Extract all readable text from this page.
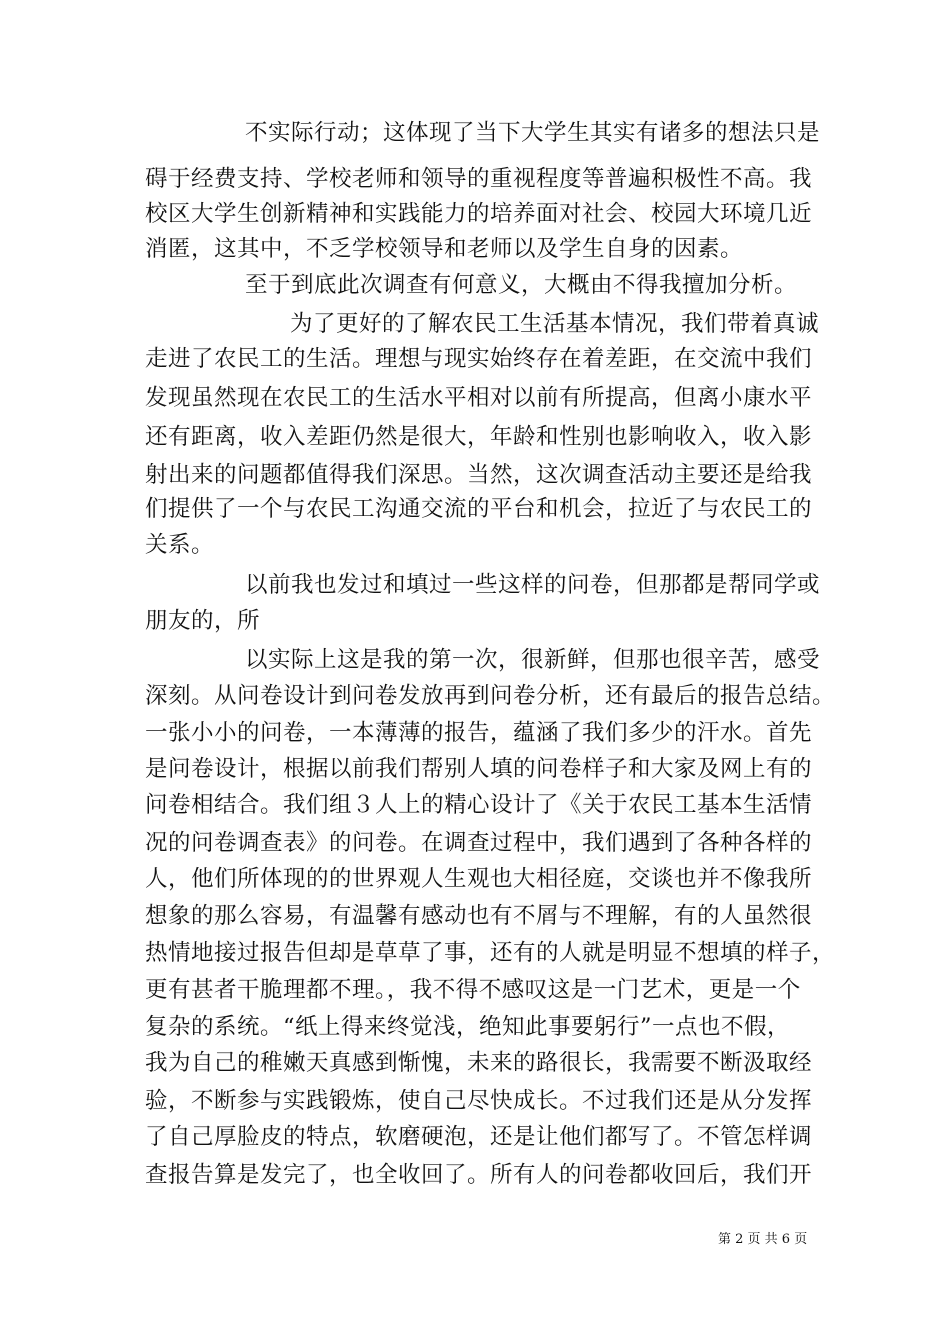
不实际行动；这体现了当下大学生其实有诸多的想法只是
碍于经费支持、学校老师和领导的重视程度等普遍积极性不高。我
校区大学生创新精神和实践能力的培养面对社会、校园大环境几近
消匿，这其中，不乏学校领导和老师以及学生自身的因素。
至于到底此次调查有何意义，大概由不得我擅加分析。
为了更好的了解农民工生活基本情况，我们带着真诚
走进了农民工的生活。理想与现实始终存在着差距，在交流中我们
发现虽然现在农民工的生活水平相对以前有所提高，但离小康水平
还有距离，收入差距仍然是很大，年龄和性别也影响收入，收入影
射出来的问题都值得我们深思。当然，这次调查活动主要还是给我
们提供了一个与农民工沟通交流的平台和机会，拉近了与农民工的
关系。
以前我也发过和填过一些这样的问卷，但那都是帮同学或
朋友的，所
以实际上这是我的第一次，很新鲜，但那也很辛苦，感受
深刻。从问卷设计到问卷发放再到问卷分析，还有最后的报告总结。
一张小小的问卷，一本薄薄的报告，蕴涵了我们多少的汗水。首先
是问卷设计，根据以前我们帮别人填的问卷样子和大家及网上有的
问卷相结合。我们组３人上的精心设计了《关于农民工基本生活情
况的问卷调查表》的问卷。在调查过程中，我们遇到了各种各样的
人，他们所体现的的世界观人生观也大相径庭，交谈也并不像我所
想象的那么容易，有温馨有感动也有不屑与不理解，有的人虽然很
热情地接过报告但却是草草了事，还有的人就是明显不想填的样子，
更有甚者干脆理都不理。，我不得不感叹这是一门艺术，更是一个
复杂的系统。“纸上得来终觉浅，绝知此事要躬行”一点也不假，
我为自己的稚嫩天真感到惭愧，未来的路很长，我需要不断汲取经
验，不断参与实践锻炼，使自己尽快成长。不过我们还是从分发挥
了自己厚脸皮的特点，软磨硬泡，还是让他们都写了。不管怎样调
查报告算是发完了，也全收回了。所有人的问卷都收回后，我们开
第 2 页 共 6 页
